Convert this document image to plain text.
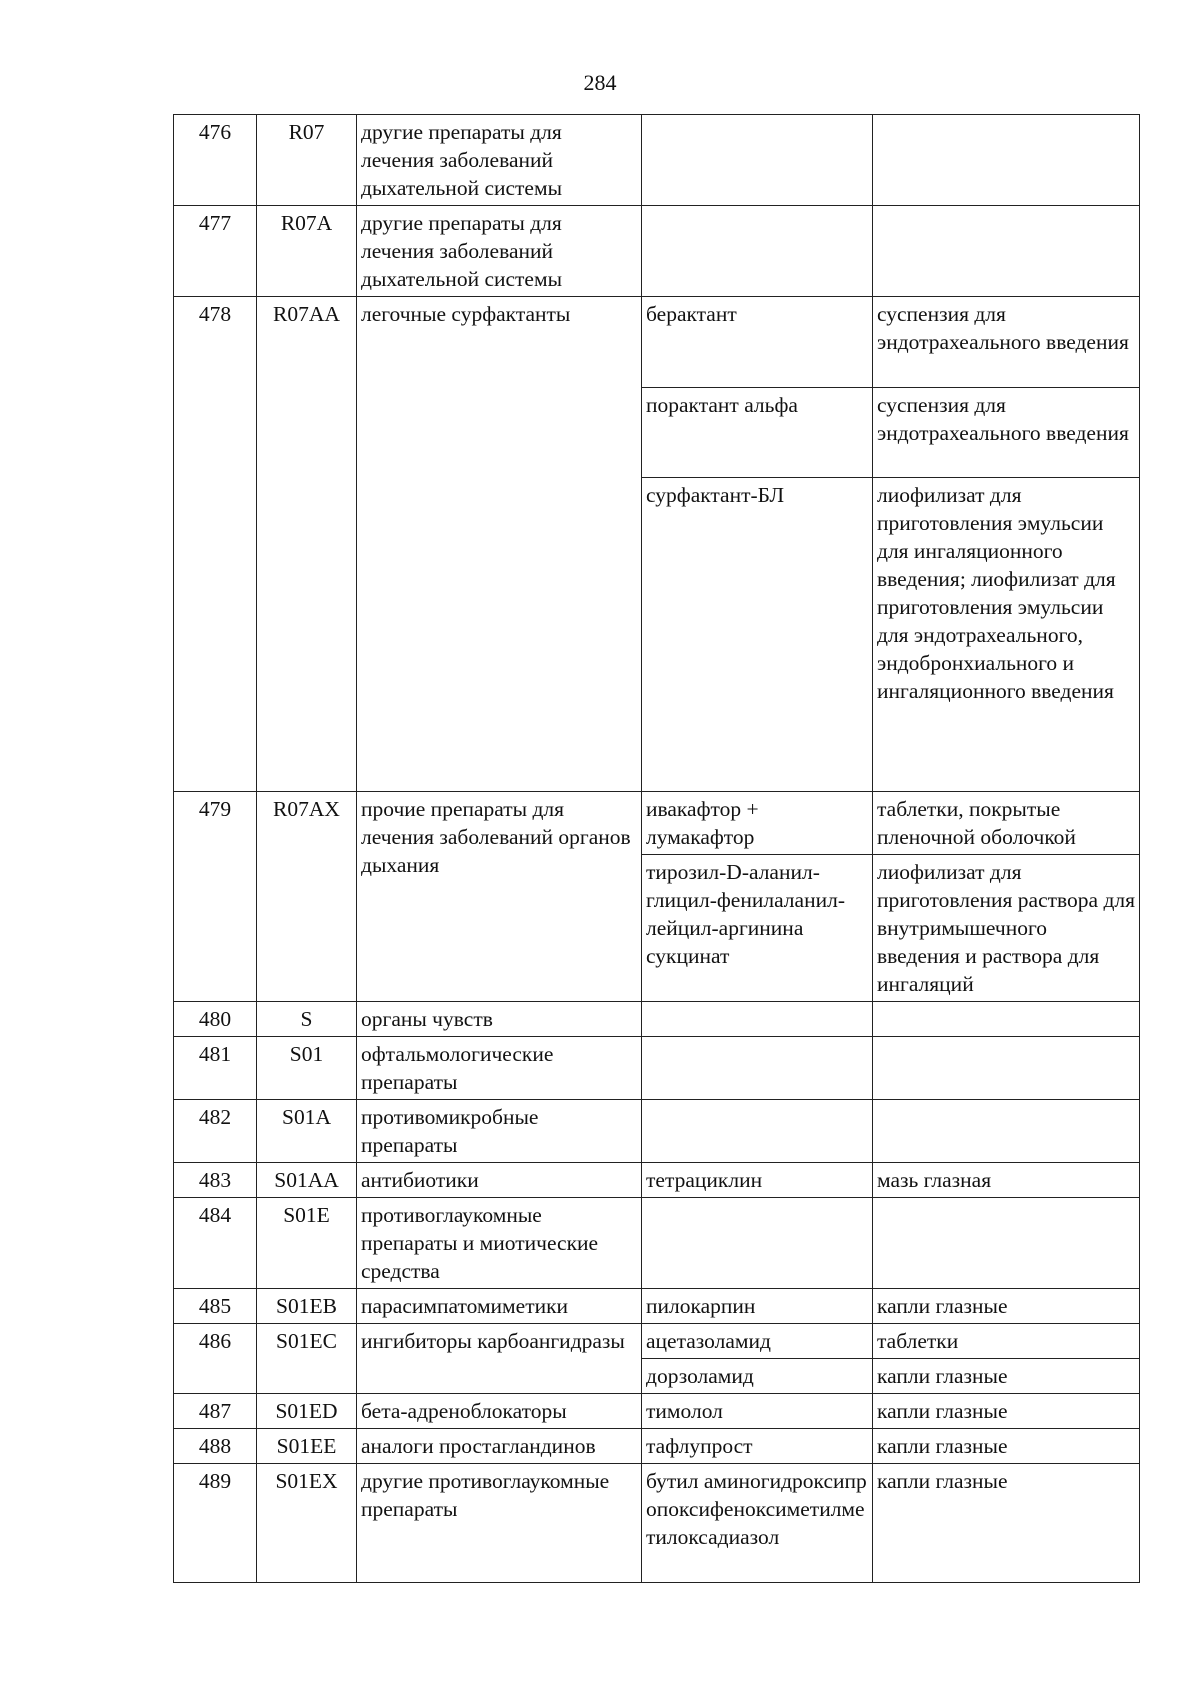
284
476	R07	другие препараты для лечения заболеваний дыхательной системы		
477	R07A	другие препараты для лечения заболеваний дыхательной системы		
478	R07AA	легочные сурфактанты	берактант	суспензия для эндотрахеального введения
			порактант альфа	суспензия для эндотрахеального введения
			сурфактант-БЛ	лиофилизат для приготовления эмульсии для ингаляционного введения; лиофилизат для приготовления эмульсии для эндотрахеального, эндобронхиального и ингаляционного введения
479	R07AX	прочие препараты для лечения заболеваний органов дыхания	ивакафтор + лумакафтор	таблетки, покрытые пленочной оболочкой
			тирозил-D-аланил-глицил-фенилаланил-лейцил-аргинина сукцинат	лиофилизат для приготовления раствора для внутримышечного введения и раствора для ингаляций
480	S	органы чувств		
481	S01	офтальмологические препараты		
482	S01A	противомикробные препараты		
483	S01AA	антибиотики	тетрациклин	мазь глазная
484	S01E	противоглаукомные препараты и миотические средства		
485	S01EB	парасимпатомиметики	пилокарпин	капли глазные
486	S01EC	ингибиторы карбоангидразы	ацетазоламид	таблетки
			дорзоламид	капли глазные
487	S01ED	бета-адреноблокаторы	тимолол	капли глазные
488	S01EE	аналоги простагландинов	тафлупрост	капли глазные
489	S01EX	другие противоглаукомные препараты	бутил аминогидроксипропоксифеноксиметилметилоксадиазол	капли глазные
